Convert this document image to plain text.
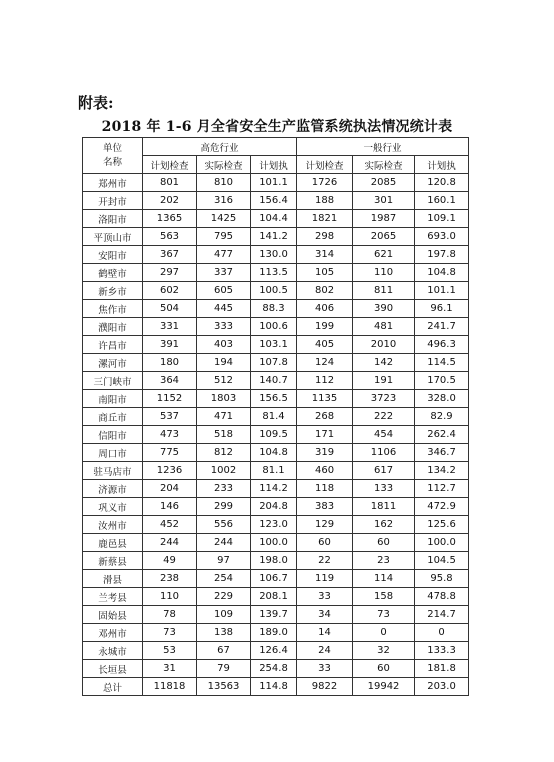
附表:
2018 年 1-6 月全省安全生产监管系统执法情况统计表
单位
名称	高危行业			一般行业		
	计划检查	实际检查	计划执	计划检查	实际检查	计划执
郑州市	801	810	101.1	1726	2085	120.8
开封市	202	316	156.4	188	301	160.1
洛阳市	1365	1425	104.4	1821	1987	109.1
平顶山市	563	795	141.2	298	2065	693.0
安阳市	367	477	130.0	314	621	197.8
鹤壁市	297	337	113.5	105	110	104.8
新乡市	602	605	100.5	802	811	101.1
焦作市	504	445	88.3	406	390	96.1
濮阳市	331	333	100.6	199	481	241.7
许昌市	391	403	103.1	405	2010	496.3
漯河市	180	194	107.8	124	142	114.5
三门峡市	364	512	140.7	112	191	170.5
南阳市	1152	1803	156.5	1135	3723	328.0
商丘市	537	471	81.4	268	222	82.9
信阳市	473	518	109.5	171	454	262.4
周口市	775	812	104.8	319	1106	346.7
驻马店市	1236	1002	81.1	460	617	134.2
济源市	204	233	114.2	118	133	112.7
巩义市	146	299	204.8	383	1811	472.9
汝州市	452	556	123.0	129	162	125.6
鹿邑县	244	244	100.0	60	60	100.0
新蔡县	49	97	198.0	22	23	104.5
滑县	238	254	106.7	119	114	95.8
兰考县	110	229	208.1	33	158	478.8
固始县	78	109	139.7	34	73	214.7
邓州市	73	138	189.0	14	0	0
永城市	53	67	126.4	24	32	133.3
长垣县	31	79	254.8	33	60	181.8
总计	11818	13563	114.8	9822	19942	203.0
